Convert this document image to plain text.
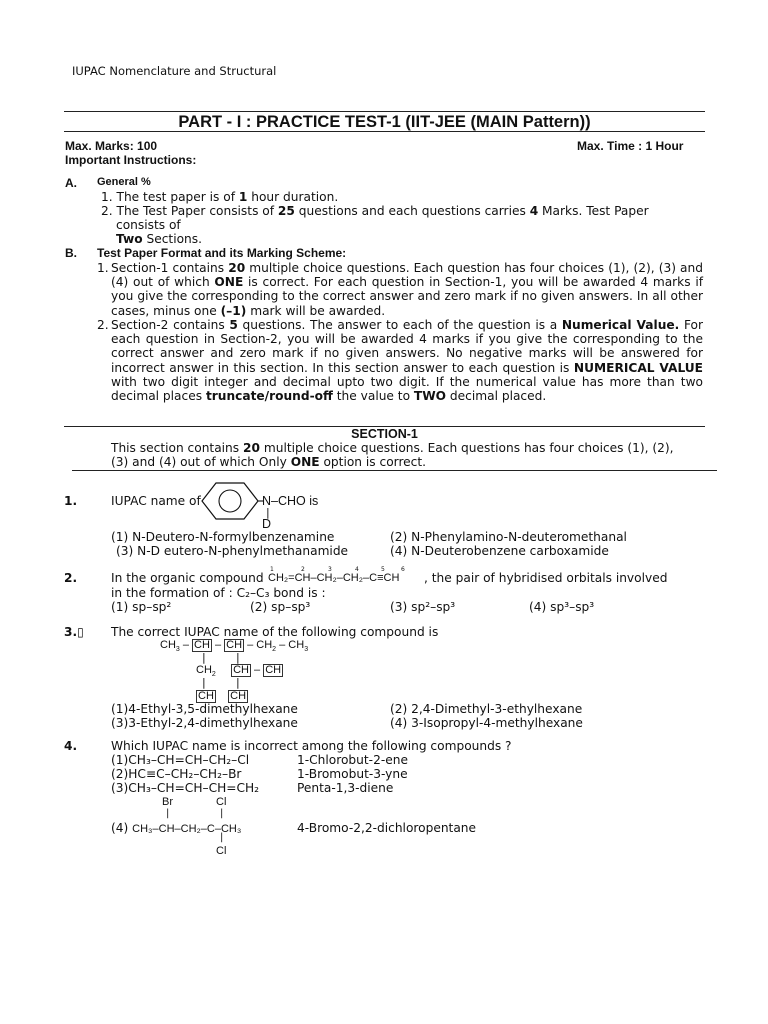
IUPAC Nomenclature and Structural
PART - I : PRACTICE TEST-1 (IIT-JEE (MAIN Pattern))
Max. Marks: 100	Max. Time : 1 Hour
Important Instructions:
A. General %
1. The test paper is of 1 hour duration.
2. The Test Paper consists of 25 questions and each questions carries 4 Marks. Test Paper
consists of
Two Sections.
B. Test Paper Format and its Marking Scheme:
1. Section-1 contains 20 multiple choice questions. Each question has four choices (1), (2), (3) and (4) out of which ONE is correct. For each question in Section-1, you will be awarded 4 marks if you give the corresponding to the correct answer and zero mark if no given answers. In all other cases, minus one (–1) mark will be awarded.
2. Section-2 contains 5 questions. The answer to each of the question is a Numerical Value. For each question in Section-2, you will be awarded 4 marks if you give the corresponding to the correct answer and zero mark if no given answers. No negative marks will be answered for incorrect answer in this section. In this section answer to each question is NUMERICAL VALUE with two digit integer and decimal upto two digit. If the numerical value has more than two decimal places truncate/round-off the value to TWO decimal placed.
SECTION-1
This section contains 20 multiple choice questions. Each questions has four choices (1), (2),
(3) and (4) out of which Only ONE option is correct.
1.	IUPAC name of	N–CHO is
|
D
(1) N-Deutero-N-formylbenzenamine	(2) N-Phenylamino-N-deuteromethanal
(3) N-D eutero-N-phenylmethanamide	(4) N-Deuterobenzene carboxamide
2.	In the organic compound
1	2	3	4	5	6
CH₂=CH–CH₂–CH₂–C≡CH , the pair of hybridised orbitals involved
in the formation of : C₂–C₃ bond is :
(1) sp–sp²	(2) sp–sp³	(3) sp²–sp³	(4) sp³–sp³
3.▯ The correct IUPAC name of the following compound is
$CH_3$ – CH – CH – $CH_2 - CH_3$
|	|
$CH_2$ CH – CH
|	|
CH CH
(1)4-Ethyl-3,5-dimethylhexane	(2) 2,4-Dimethyl-3-ethylhexane
(3)3-Ethyl-2,4-dimethylhexane	(4) 3-Isopropyl-4-methylhexane
4.	Which IUPAC name is incorrect among the following compounds ?
(1)CH₃–CH=CH–CH₂–Cl	1-Chlorobut-2-ene
(2)HC≡C–CH₂–CH₂–Br	1-Bromobut-3-yne
(3)CH₃–CH=CH–CH=CH₂	Penta-1,3-diene
Br	Cl
|	|
(4) CH₃–CH–CH₂–C–CH₃	4-Bromo-2,2-dichloropentane
|
Cl
